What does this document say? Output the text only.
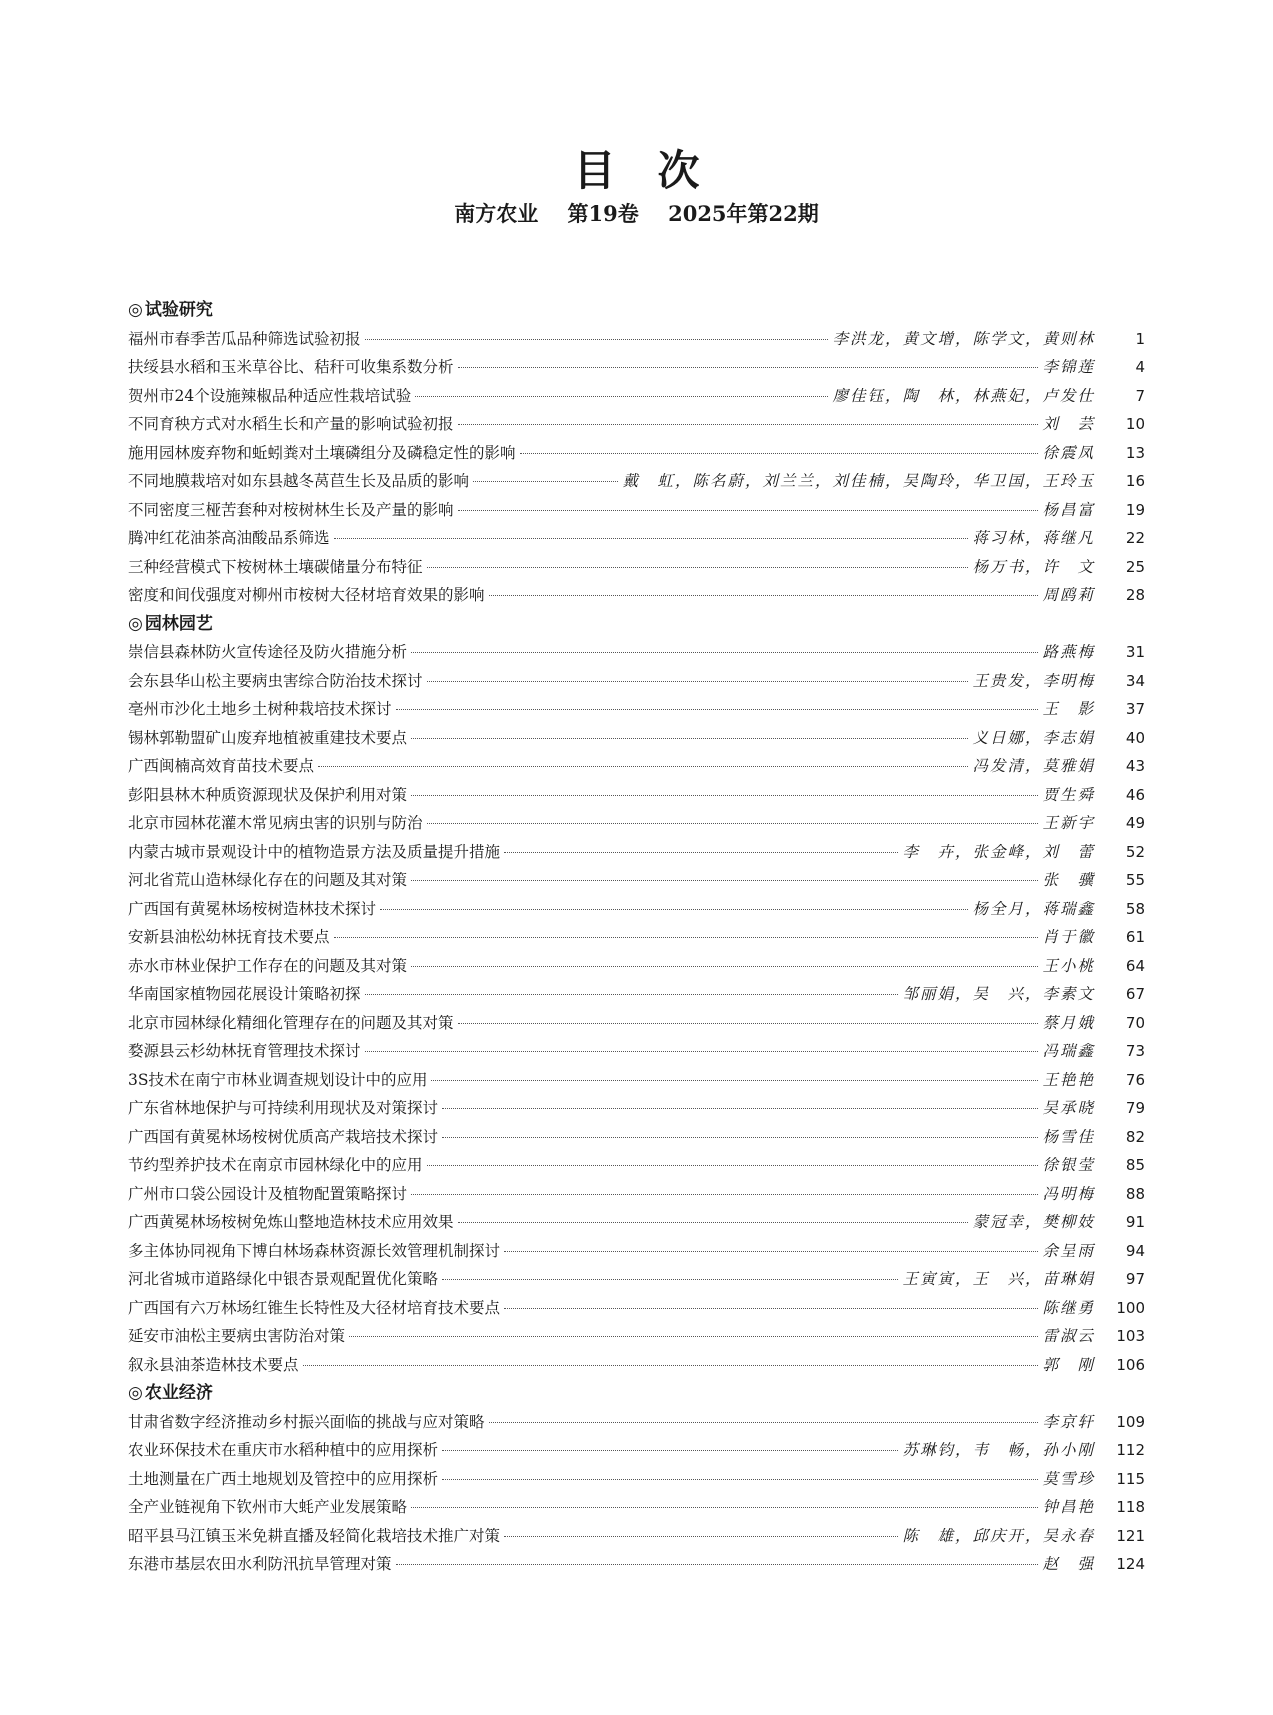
目 次
南方农业 第19卷 2025年第22期
◎ 试验研究
福州市春季苦瓜品种筛选试验初报	李洪龙，黄文增，陈学文，黄则林	1
扶绥县水稻和玉米草谷比、秸秆可收集系数分析	李锦莲	4
贺州市24个设施辣椒品种适应性栽培试验	廖佳钰，陶　林，林燕妃，卢发仕	7
不同育秧方式对水稻生长和产量的影响试验初报	刘　芸	10
施用园林废弃物和蚯蚓粪对土壤磷组分及磷稳定性的影响	徐震凤	13
不同地膜栽培对如东县越冬莴苣生长及品质的影响	戴　虹，陈名蔚，刘兰兰，刘佳楠，吴陶玲，华卫国，王玲玉	16
不同密度三桠苦套种对桉树林生长及产量的影响	杨昌富	19
腾冲红花油茶高油酸品系筛选	蒋习林，蒋继凡	22
三种经营模式下桉树林土壤碳储量分布特征	杨万书，许　文	25
密度和间伐强度对柳州市桉树大径材培育效果的影响	周鸥莉	28
◎ 园林园艺
崇信县森林防火宣传途径及防火措施分析	路燕梅	31
会东县华山松主要病虫害综合防治技术探讨	王贵发，李明梅	34
亳州市沙化土地乡土树种栽培技术探讨	王　影	37
锡林郭勒盟矿山废弃地植被重建技术要点	义日娜，李志娟	40
广西闽楠高效育苗技术要点	冯发清，莫雅娟	43
彭阳县林木种质资源现状及保护利用对策	贾生舜	46
北京市园林花灌木常见病虫害的识别与防治	王新宇	49
内蒙古城市景观设计中的植物造景方法及质量提升措施	李　卉，张金峰，刘　蕾	52
河北省荒山造林绿化存在的问题及其对策	张　骥	55
广西国有黄冕林场桉树造林技术探讨	杨全月，蒋瑞鑫	58
安新县油松幼林抚育技术要点	肖于徽	61
赤水市林业保护工作存在的问题及其对策	王小桃	64
华南国家植物园花展设计策略初探	邹丽娟，吴　兴，李素文	67
北京市园林绿化精细化管理存在的问题及其对策	蔡月娥	70
婺源县云杉幼林抚育管理技术探讨	冯瑞鑫	73
3S技术在南宁市林业调查规划设计中的应用	王艳艳	76
广东省林地保护与可持续利用现状及对策探讨	吴承晓	79
广西国有黄冕林场桉树优质高产栽培技术探讨	杨雪佳	82
节约型养护技术在南京市园林绿化中的应用	徐银莹	85
广州市口袋公园设计及植物配置策略探讨	冯明梅	88
广西黄冕林场桉树免炼山整地造林技术应用效果	蒙冠幸，樊柳妓	91
多主体协同视角下博白林场森林资源长效管理机制探讨	余呈雨	94
河北省城市道路绿化中银杏景观配置优化策略	王寅寅，王　兴，苗琳娟	97
广西国有六万林场红锥生长特性及大径材培育技术要点	陈继勇	100
延安市油松主要病虫害防治对策	雷淑云	103
叙永县油茶造林技术要点	郭　刚	106
◎ 农业经济
甘肃省数字经济推动乡村振兴面临的挑战与应对策略	李京轩	109
农业环保技术在重庆市水稻种植中的应用探析	苏琳钧，韦　畅，孙小刚	112
土地测量在广西土地规划及管控中的应用探析	莫雪珍	115
全产业链视角下钦州市大蚝产业发展策略	钟昌艳	118
昭平县马江镇玉米免耕直播及轻简化栽培技术推广对策	陈　雄，邱庆开，吴永春	121
东港市基层农田水利防汛抗旱管理对策	赵　强	124
